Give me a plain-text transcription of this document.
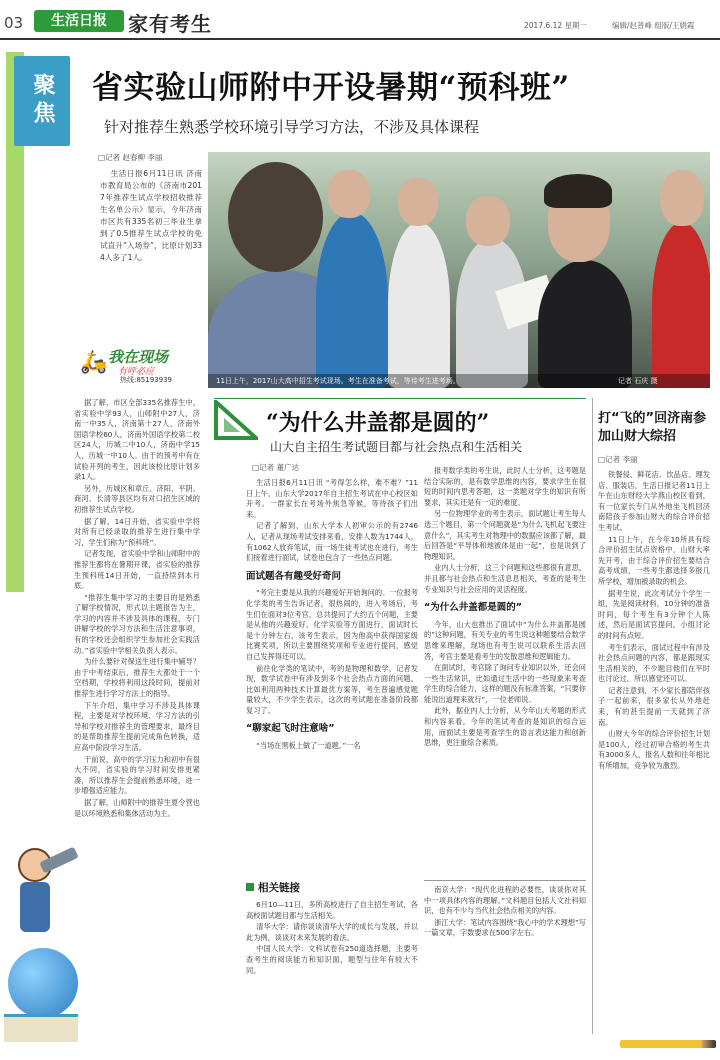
03	生活日报	家有考生	2017.6.12 星期一	编辑/赵普峰 组版/王娟霞
聚焦	省实验山师附中开设暑期“预科班”
针对推荐生熟悉学校环境引导学习方法，不涉及具体课程
□记者 赵春柳 李丽

生活日报6月11日讯 济南市教育局公布的《济南市2017年推荐生试点学校招收推荐生名单公示》显示，今年济南市区共有335名初三毕业生拿到了0.5推荐生试点学校的免试直升“入场券”，比原计划334人多了1人。

🛵 我在现场
有呼必应
热线:85193939	11日上午，2017山大高中招生考试现场。考生在准备考试，等待考生进考场。	记者 石庆 摄

据了解，市区全部335名推荐生中，省实验中学93人，山师附中27人，济南一中35人，济南第十27人，济南外国语学校60人，济南外国语学校第二校区24人，历城二中10人，济南中学15人，历城一中10人。由于的预考中有在试验开列的考生，因此该校比原计划多录1人。

另外，历城区和章丘、济阳、平阴、商河、长清等县区均有对口招生区域的初推荐生试点学校。

据了解，14日开始，省实验中学将对所有已经录取的推荐生进行集中学习，学生们称为“预科班”。

记者发现，省实验中学和山师附中的推荐生都将在暑期开课，省实验的推荐生预科班14日开始，一直持续到本月底。

“推荐生集中学习的主要目的是熟悉了解学校情况，形式以主题报告为主，学习的内容并不涉及具体的课程，专门讲解学校的学习方法和生活注意事项，有的学校还会组织学生参加社会实践活动。”省实验中学相关负责人表示。

为什么要针对保送生进行集中辅导？由于中考结束后，推荐生大都处于一个空档期，学校将利用这段时间，提前对推荐生进行学习方法上的指导。

下午介绍，集中学习不涉及具体课程，主要是对学校环境、学习方法的引导和学校对推荐生的管理要求，最终目的是帮助推荐生提前完成角色转换，适应高中阶段学习生活。

干前说，高中的学习压力和初中有很大不同，省实验的学习时间安排更紧凑，所以推荐生会提前熟悉环境，进一步增强适应能力。

据了解，山师附中的推荐生夏令营也是以环境熟悉和集体活动为主。

“为什么井盖都是圆的”
山大自主招生考试题目都与社会热点和生活相关
□记者 董广达

生活日报6月11日讯 “考得怎么样，难不难？”11日上午，山东大学2017年自主招生考试在中心校区如开考。一群家长在考场外焦急等候，等待孩子们出来。

记者了解到，山东大学本人初审公示的有2746人，记者从现场考试安排来看，安排人数为1744人，有1062人放弃笔试，而一场生徒考试也在进行，考生们接着进行面试，试卷也包含了一些热点问题。

面试题各有趣受好奇问

“考完主要是从我的兴趣爱好开始询问的。一位报考化学类的考生告诉记者，很热闹的，进入考场后，考生们在面对3位考官，总共提问了大约五个问题，主要是从他的兴趣爱好、化学实验等方面进行，面试时长是十分钟左右，该考生表示，因为他高中获得国家级比赛奖项，所以主要围绕奖项和专业进行提问，感觉自己发挥得还可以。

前往化学类的笔试中，考的是物理和数学，记者发现，数学试卷中有涉及到多个社会热点方面的问题，比如利用两种技术计算最优方案等，考生普遍感觉题量较大，不少学生表示，这次的考试题在准备阶段都复习了。

“聊家起飞时注意啥”

“当场在黑板上做了一道题。”一名

报考数学类的考生说，此时人士分析，这考题是结合实际的，是有数学思维的内容，要求学生在很短的时间内思考答题，这一类题对学生的知识有所要求，其实还是有一定的难度。

另一位物理学业的考生表示，面试题让考生每人选三个题目，第一个问题就是“为什么飞机起飞要注意什么”，其实考生对物理中的数据应该都了解，最后回答是“平导体和地被体是由一起”，也是说到了物理知识。

业内人士分析，这三个问题和这些都很有意思，并且都与社会热点和生活息息相关，考查的是考生专业知识与社会应用的灵活程度。

“为什么井盖都是圆的”

今年，山大也推出了面试中“为什么井盖都是圆的”这种问题，有关专业的考生说这种题要结合数学思维来理解，现场也有考生说可以联系生活去回答，考官主要是看考生的发散思维和逻辑能力。

在面试时，考官除了询问专业知识以外，还会问一些生活常识，比如通过生活中的一些现象来考查学生的综合能力，这样的题没有标准答案，“只要你能说出道理来就行”，一位老师说。

此外，据业内人士分析，从今年山大考题的形式和内容来看，今年的笔试考查的是知识的综合运用，而面试主要是考查学生的语言表达能力和创新思维，更注重综合素质。

相关链接

6月10—11日，多所高校进行了自主招生考试，各高校面试题目都与生活相关。

清华大学：请你谈谈清华大学的成长与发展，并以此为例，谈谈对未来发展的看法。

中国人民大学：文科试卷有250道选择题，主要考查考生的阅读能力和知识面，题型与往年有较大不同。

南京大学：“现代化进程的必要性，谈谈你对其中一项具体内容的理解。”文科题目包括人文社科知识，也有不少与当代社会热点相关的内容。

浙江大学：笔试内容围绕“我心中的学术理想”写一篇文章，字数要求在500字左右。

打“飞的”回济南参加山财大综招
□记者 李丽

铁餐侵、鲜花店、饮品店、理发店、服装店，生活日报记者11日上午在山东财经大学燕山校区看到，有一位家长专门从外地坐飞机回济南陪孩子参加山财大的综合评价招生考试。

11日上午，在今年10所具有综合评价招生试点资格中，山财大率先开考，由于综合评价招生要结合高考成绩，一些考生都选择多报几所学校，增加被录取的机会。

据考生说，此次考试分个学生一组，先是阅读材料，10分钟的准备时间，每个考生有3分钟个人陈述，然后是面试官提问，小组讨论的时间有点短。

考生们表示，面试过程中有涉及社会热点问题的内容，都是跟现实生活相关的，不少题目他们在平时也讨论过，所以感觉还可以。

记者注意到，不少家长都陪伴孩子一起前来，很多家长从外地赶来，有的甚至提前一天就到了济南。

山财大今年的综合评价招生计划是100人，经过初审合格的考生共有3000多人，报名人数和往年相比有所增加，竞争较为激烈。
